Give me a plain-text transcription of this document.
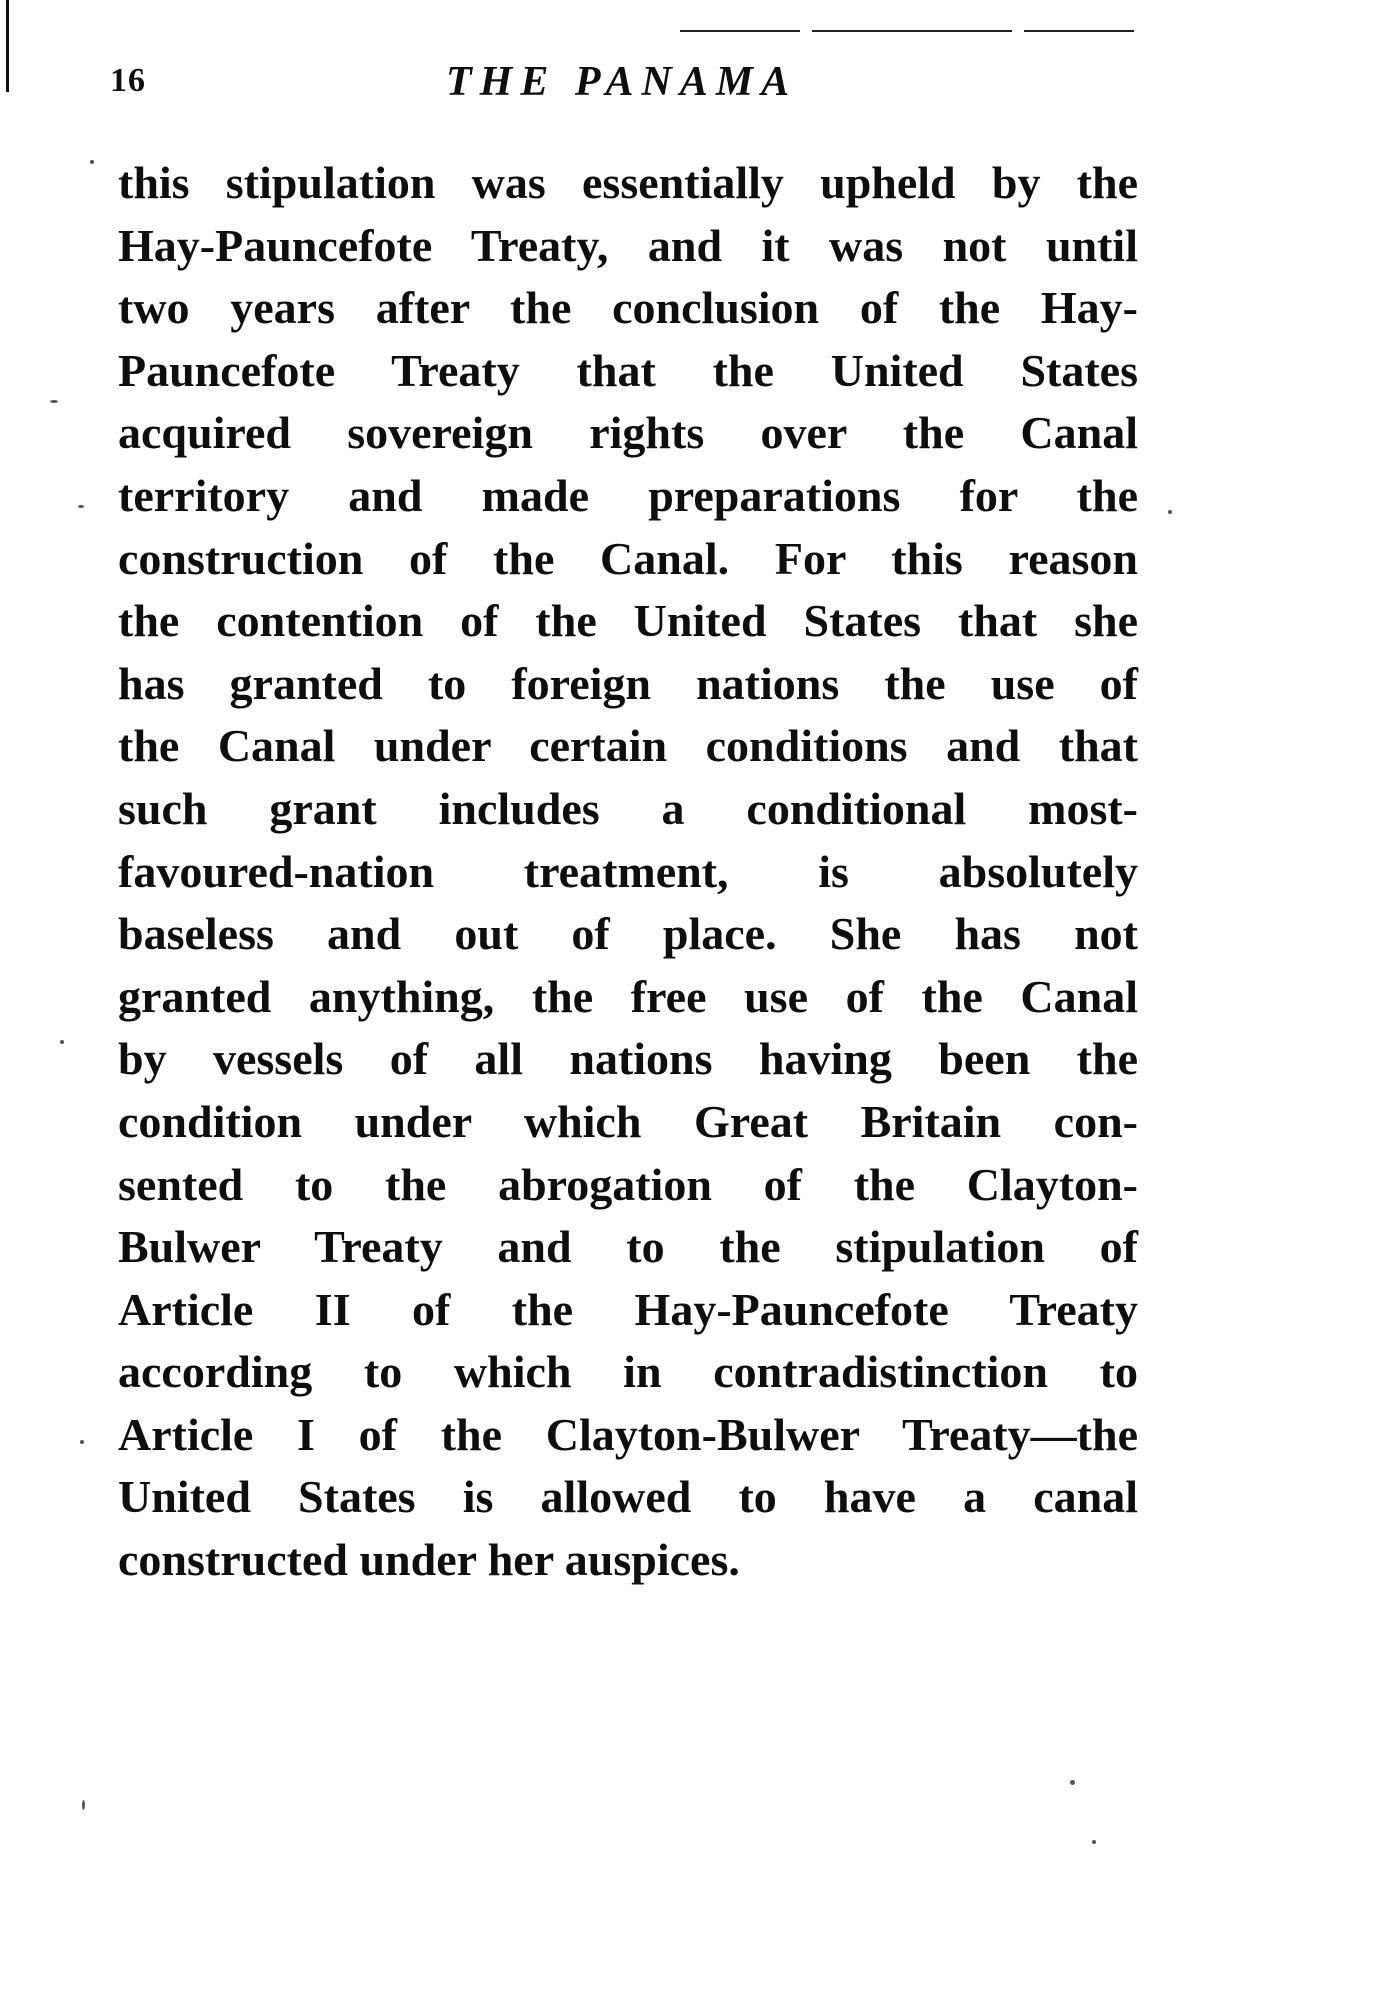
16	THE PANAMA
this stipulation was essentially upheld by the
Hay-Pauncefote Treaty, and it was not until
two years after the conclusion of the Hay-
Pauncefote Treaty that the United States
acquired sovereign rights over the Canal
territory and made preparations for the
construction of the Canal. For this reason
the contention of the United States that she
has granted to foreign nations the use of
the Canal under certain conditions and that
such grant includes a conditional most-
favoured-nation treatment, is absolutely
baseless and out of place. She has not
granted anything, the free use of the Canal
by vessels of all nations having been the
condition under which Great Britain con-
sented to the abrogation of the Clayton-
Bulwer Treaty and to the stipulation of
Article II of the Hay-Pauncefote Treaty
according to which in contradistinction to
Article I of the Clayton-Bulwer Treaty—the
United States is allowed to have a canal
constructed under her auspices.
